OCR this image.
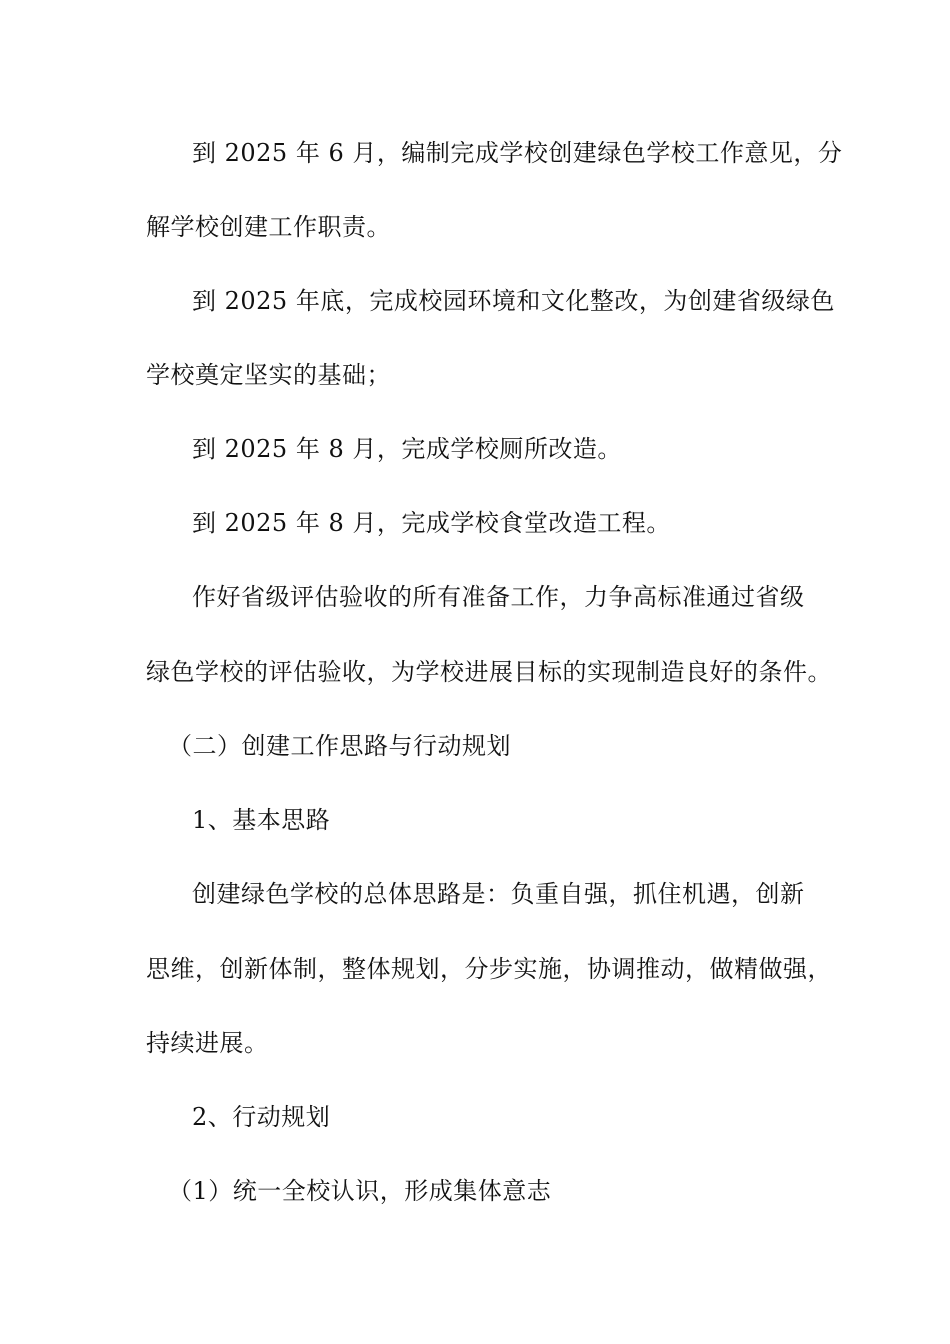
到 2025 年 6 月，编制完成学校创建绿色学校工作意见，分
解学校创建工作职责。
到 2025 年底，完成校园环境和文化整改，为创建省级绿色
学校奠定坚实的基础；
到 2025 年 8 月，完成学校厕所改造。
到 2025 年 8 月，完成学校食堂改造工程。
作好省级评估验收的所有准备工作，力争高标准通过省级
绿色学校的评估验收，为学校进展目标的实现制造良好的条件。
（二）创建工作思路与行动规划
1、基本思路
创建绿色学校的总体思路是：负重自强，抓住机遇，创新
思维，创新体制，整体规划，分步实施，协调推动，做精做强，
持续进展。
2、行动规划
（1）统一全校认识，形成集体意志
